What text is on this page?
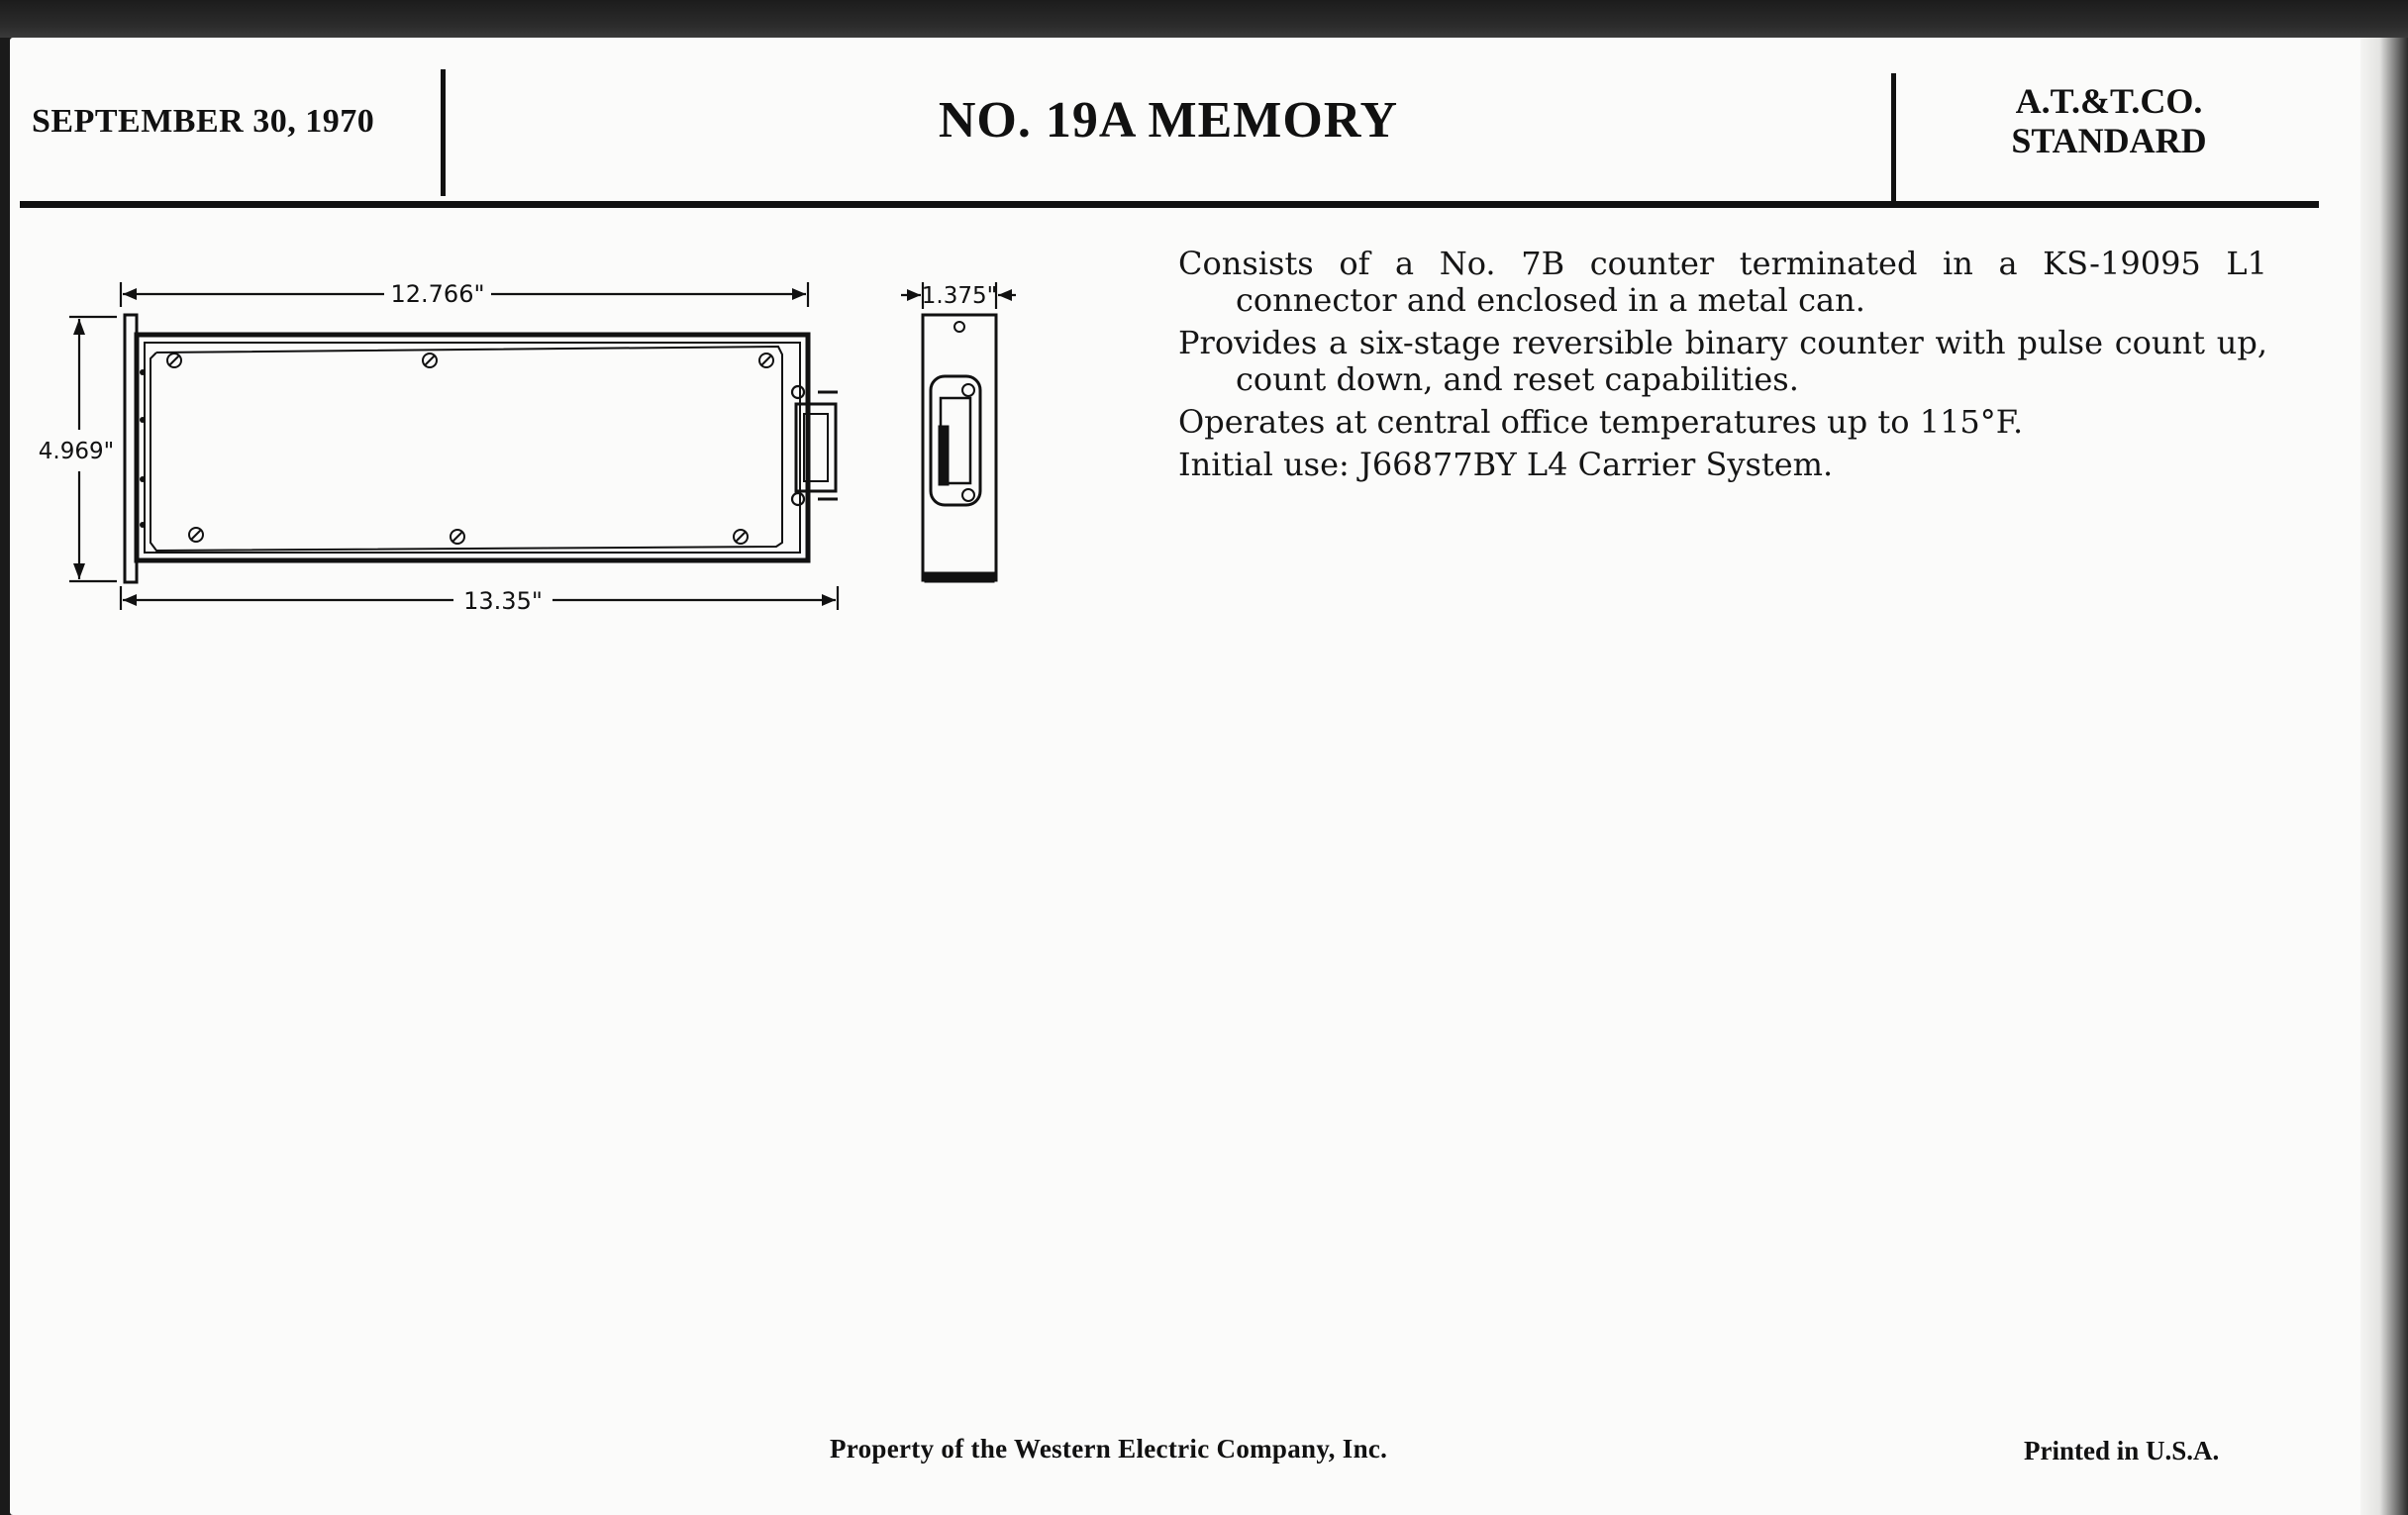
SEPTEMBER 30, 1970	NO. 19A MEMORY	A.T.&T.CO.
STANDARD
12.766"
13.35"
4.969"
1.375"

Consists of a No. 7B counter terminated in a KS-19095 L1 connector and enclosed in a metal can.

Provides a six-stage reversible binary counter with pulse count up, count down, and reset capabilities.

Operates at central office temperatures up to 115°F.

Initial use: J66877BY L4 Carrier System.

Property of the Western Electric Company, Inc.	Printed in U.S.A.
